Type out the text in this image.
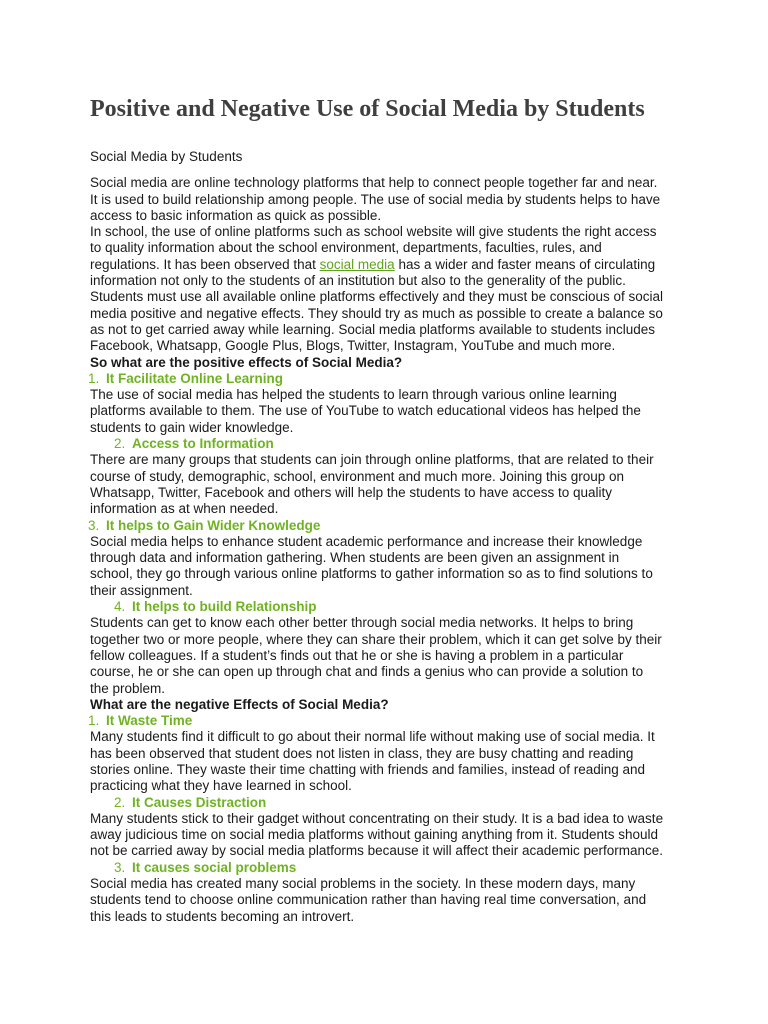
Positive and Negative Use of Social Media by Students

Social Media by Students

Social media are online technology platforms that help to connect people together far and near.

It is used to build relationship among people. The use of social media by students helps to have

access to basic information as quick as possible.

In school, the use of online platforms such as school website will give students the right access

to quality information about the school environment, departments, faculties, rules, and

regulations. It has been observed that social media has a wider and faster means of circulating

information not only to the students of an institution but also to the generality of the public.

Students must use all available online platforms effectively and they must be conscious of social

media positive and negative effects. They should try as much as possible to create a balance so

as not to get carried away while learning. Social media platforms available to students includes

Facebook, Whatsapp, Google Plus, Blogs, Twitter, Instagram, YouTube and much more.

So what are the positive effects of Social Media?

1. It Facilitate Online Learning

The use of social media has helped the students to learn through various online learning

platforms available to them. The use of YouTube to watch educational videos has helped the

students to gain wider knowledge.

2. Access to Information

There are many groups that students can join through online platforms, that are related to their

course of study, demographic, school, environment and much more. Joining this group on

Whatsapp, Twitter, Facebook and others will help the students to have access to quality

information as at when needed.

3. It helps to Gain Wider Knowledge

Social media helps to enhance student academic performance and increase their knowledge

through data and information gathering. When students are been given an assignment in

school, they go through various online platforms to gather information so as to find solutions to

their assignment.

4. It helps to build Relationship

Students can get to know each other better through social media networks. It helps to bring

together two or more people, where they can share their problem, which it can get solve by their

fellow colleagues. If a student’s finds out that he or she is having a problem in a particular

course, he or she can open up through chat and finds a genius who can provide a solution to

the problem.

What are the negative Effects of Social Media?

1. It Waste Time

Many students find it difficult to go about their normal life without making use of social media. It

has been observed that student does not listen in class, they are busy chatting and reading

stories online. They waste their time chatting with friends and families, instead of reading and

practicing what they have learned in school.

2. It Causes Distraction

Many students stick to their gadget without concentrating on their study. It is a bad idea to waste

away judicious time on social media platforms without gaining anything from it. Students should

not be carried away by social media platforms because it will affect their academic performance.

3. It causes social problems

Social media has created many social problems in the society. In these modern days, many

students tend to choose online communication rather than having real time conversation, and

this leads to students becoming an introvert.
